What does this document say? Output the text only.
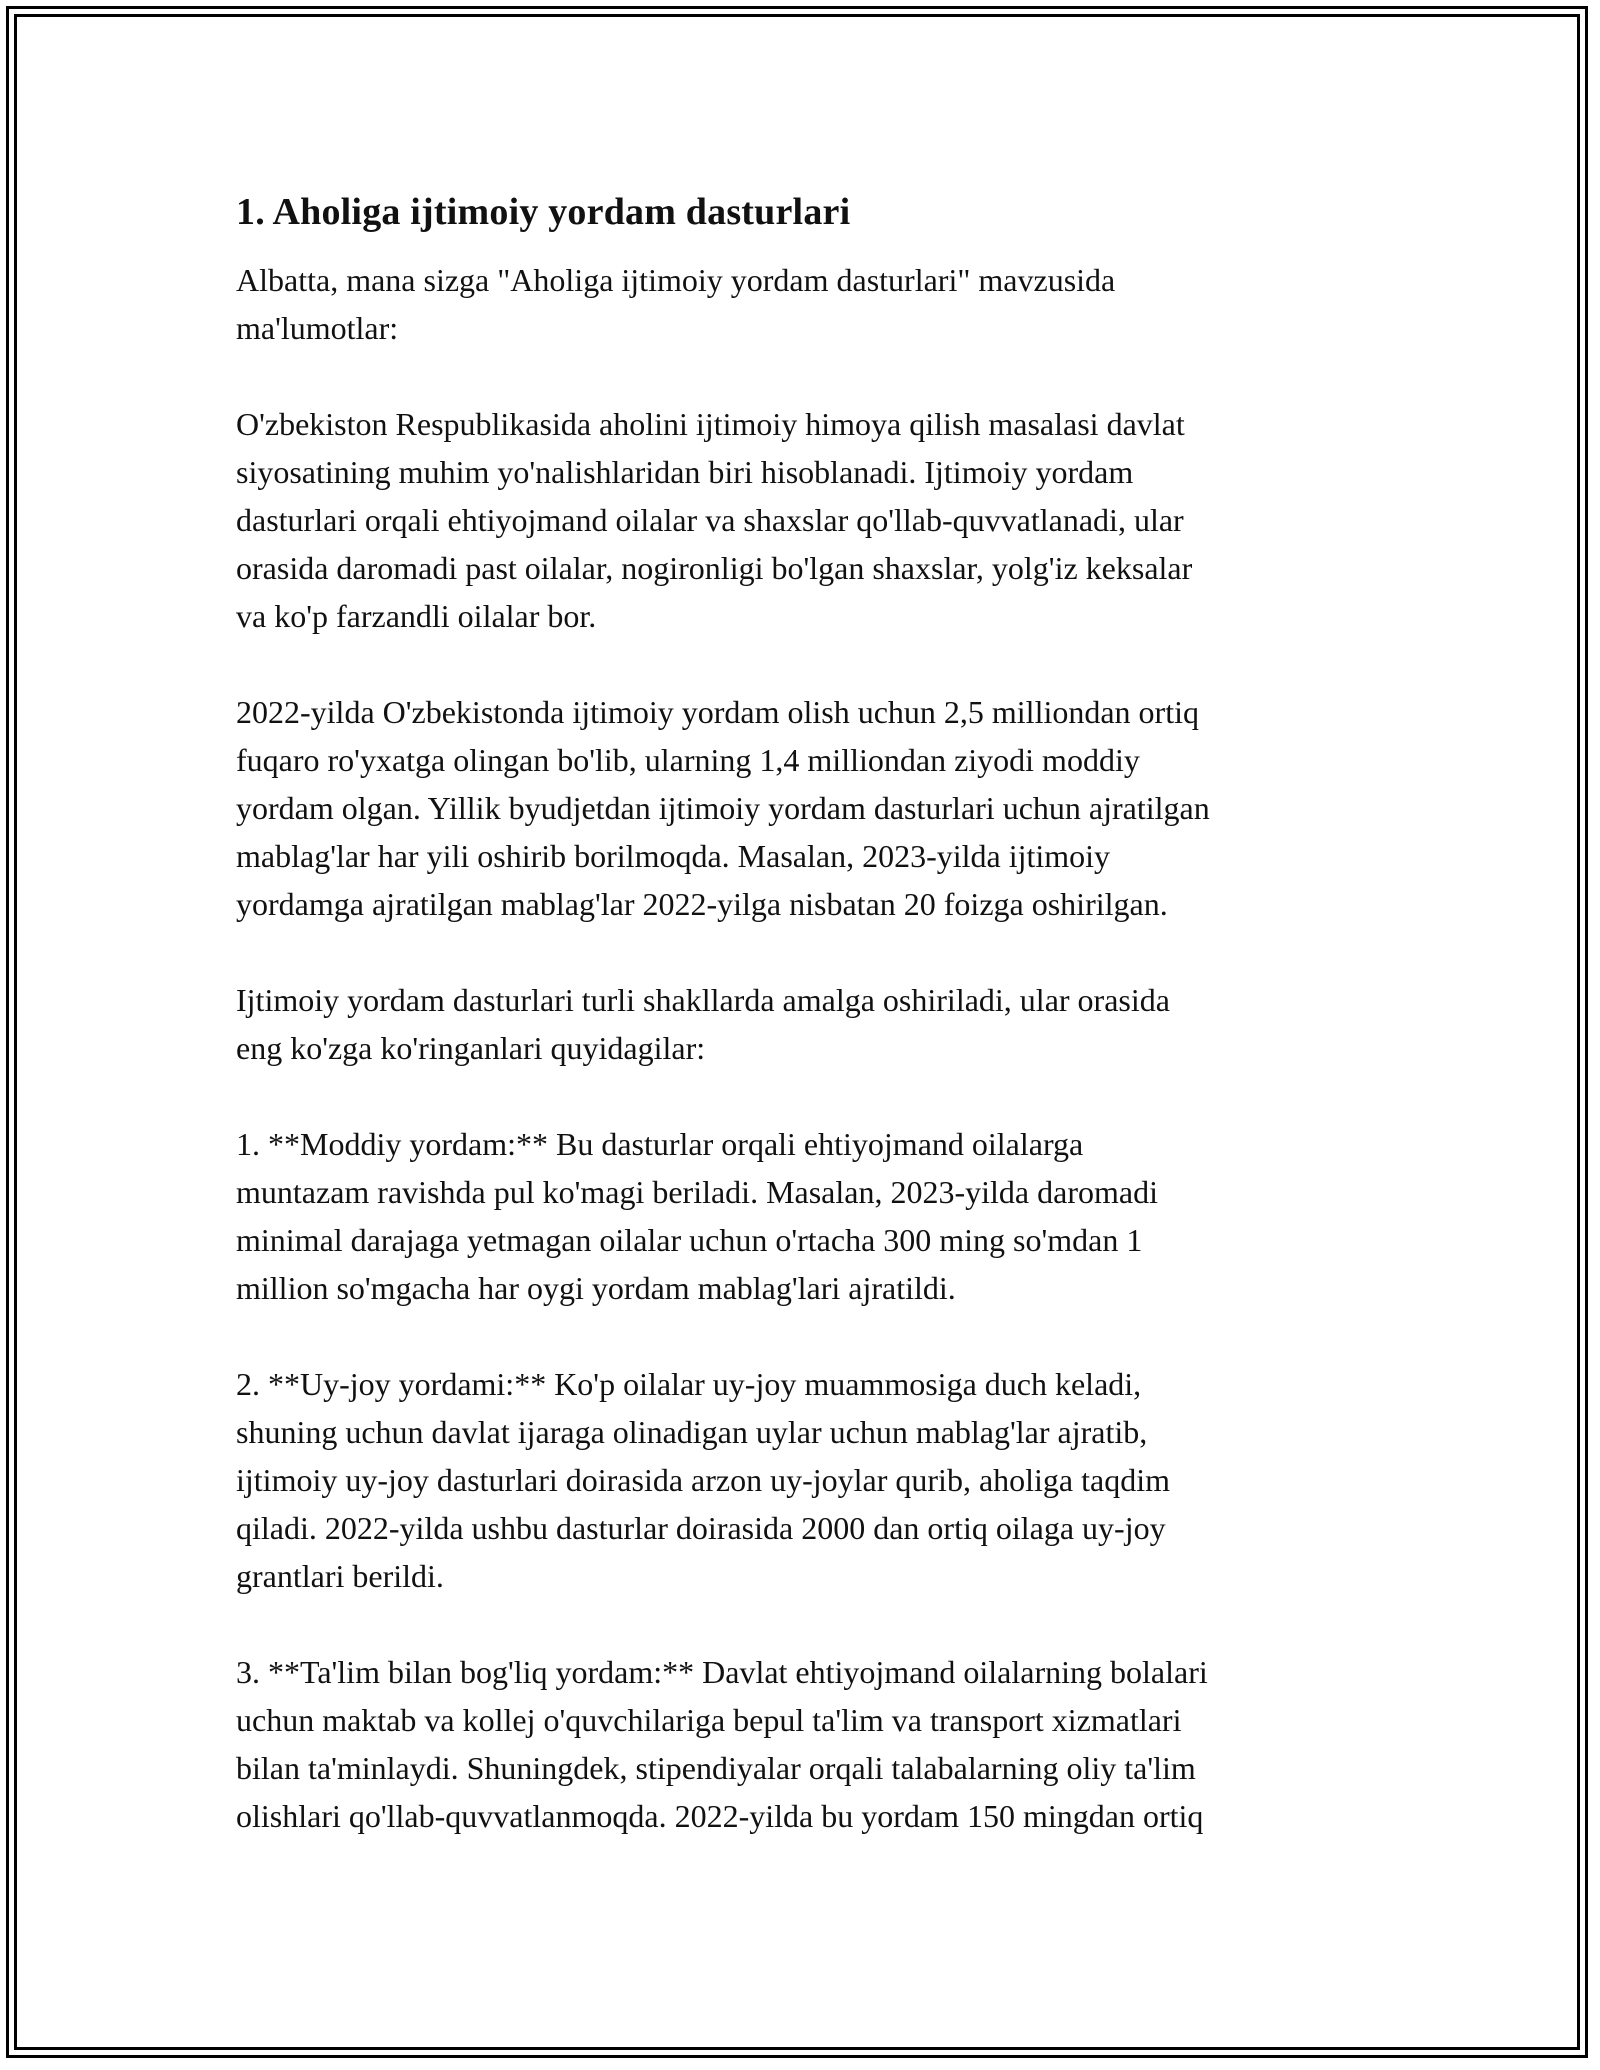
1. Aholiga ijtimoiy yordam dasturlari

Albatta, mana sizga "Aholiga ijtimoiy yordam dasturlari" mavzusida
ma'lumotlar:

O'zbekiston Respublikasida aholini ijtimoiy himoya qilish masalasi davlat
siyosatining muhim yo'nalishlaridan biri hisoblanadi. Ijtimoiy yordam
dasturlari orqali ehtiyojmand oilalar va shaxslar qo'llab-quvvatlanadi, ular
orasida daromadi past oilalar, nogironligi bo'lgan shaxslar, yolg'iz keksalar
va ko'p farzandli oilalar bor.

2022-yilda O'zbekistonda ijtimoiy yordam olish uchun 2,5 milliondan ortiq
fuqaro ro'yxatga olingan bo'lib, ularning 1,4 milliondan ziyodi moddiy
yordam olgan. Yillik byudjetdan ijtimoiy yordam dasturlari uchun ajratilgan
mablag'lar har yili oshirib borilmoqda. Masalan, 2023-yilda ijtimoiy
yordamga ajratilgan mablag'lar 2022-yilga nisbatan 20 foizga oshirilgan.

Ijtimoiy yordam dasturlari turli shakllarda amalga oshiriladi, ular orasida
eng ko'zga ko'ringanlari quyidagilar:

1. **Moddiy yordam:** Bu dasturlar orqali ehtiyojmand oilalarga
muntazam ravishda pul ko'magi beriladi. Masalan, 2023-yilda daromadi
minimal darajaga yetmagan oilalar uchun o'rtacha 300 ming so'mdan 1
million so'mgacha har oygi yordam mablag'lari ajratildi.

2. **Uy-joy yordami:** Ko'p oilalar uy-joy muammosiga duch keladi,
shuning uchun davlat ijaraga olinadigan uylar uchun mablag'lar ajratib,
ijtimoiy uy-joy dasturlari doirasida arzon uy-joylar qurib, aholiga taqdim
qiladi. 2022-yilda ushbu dasturlar doirasida 2000 dan ortiq oilaga uy-joy
grantlari berildi.

3. **Ta'lim bilan bog'liq yordam:** Davlat ehtiyojmand oilalarning bolalari
uchun maktab va kollej o'quvchilariga bepul ta'lim va transport xizmatlari
bilan ta'minlaydi. Shuningdek, stipendiyalar orqali talabalarning oliy ta'lim
olishlari qo'llab-quvvatlanmoqda. 2022-yilda bu yordam 150 mingdan ortiq
